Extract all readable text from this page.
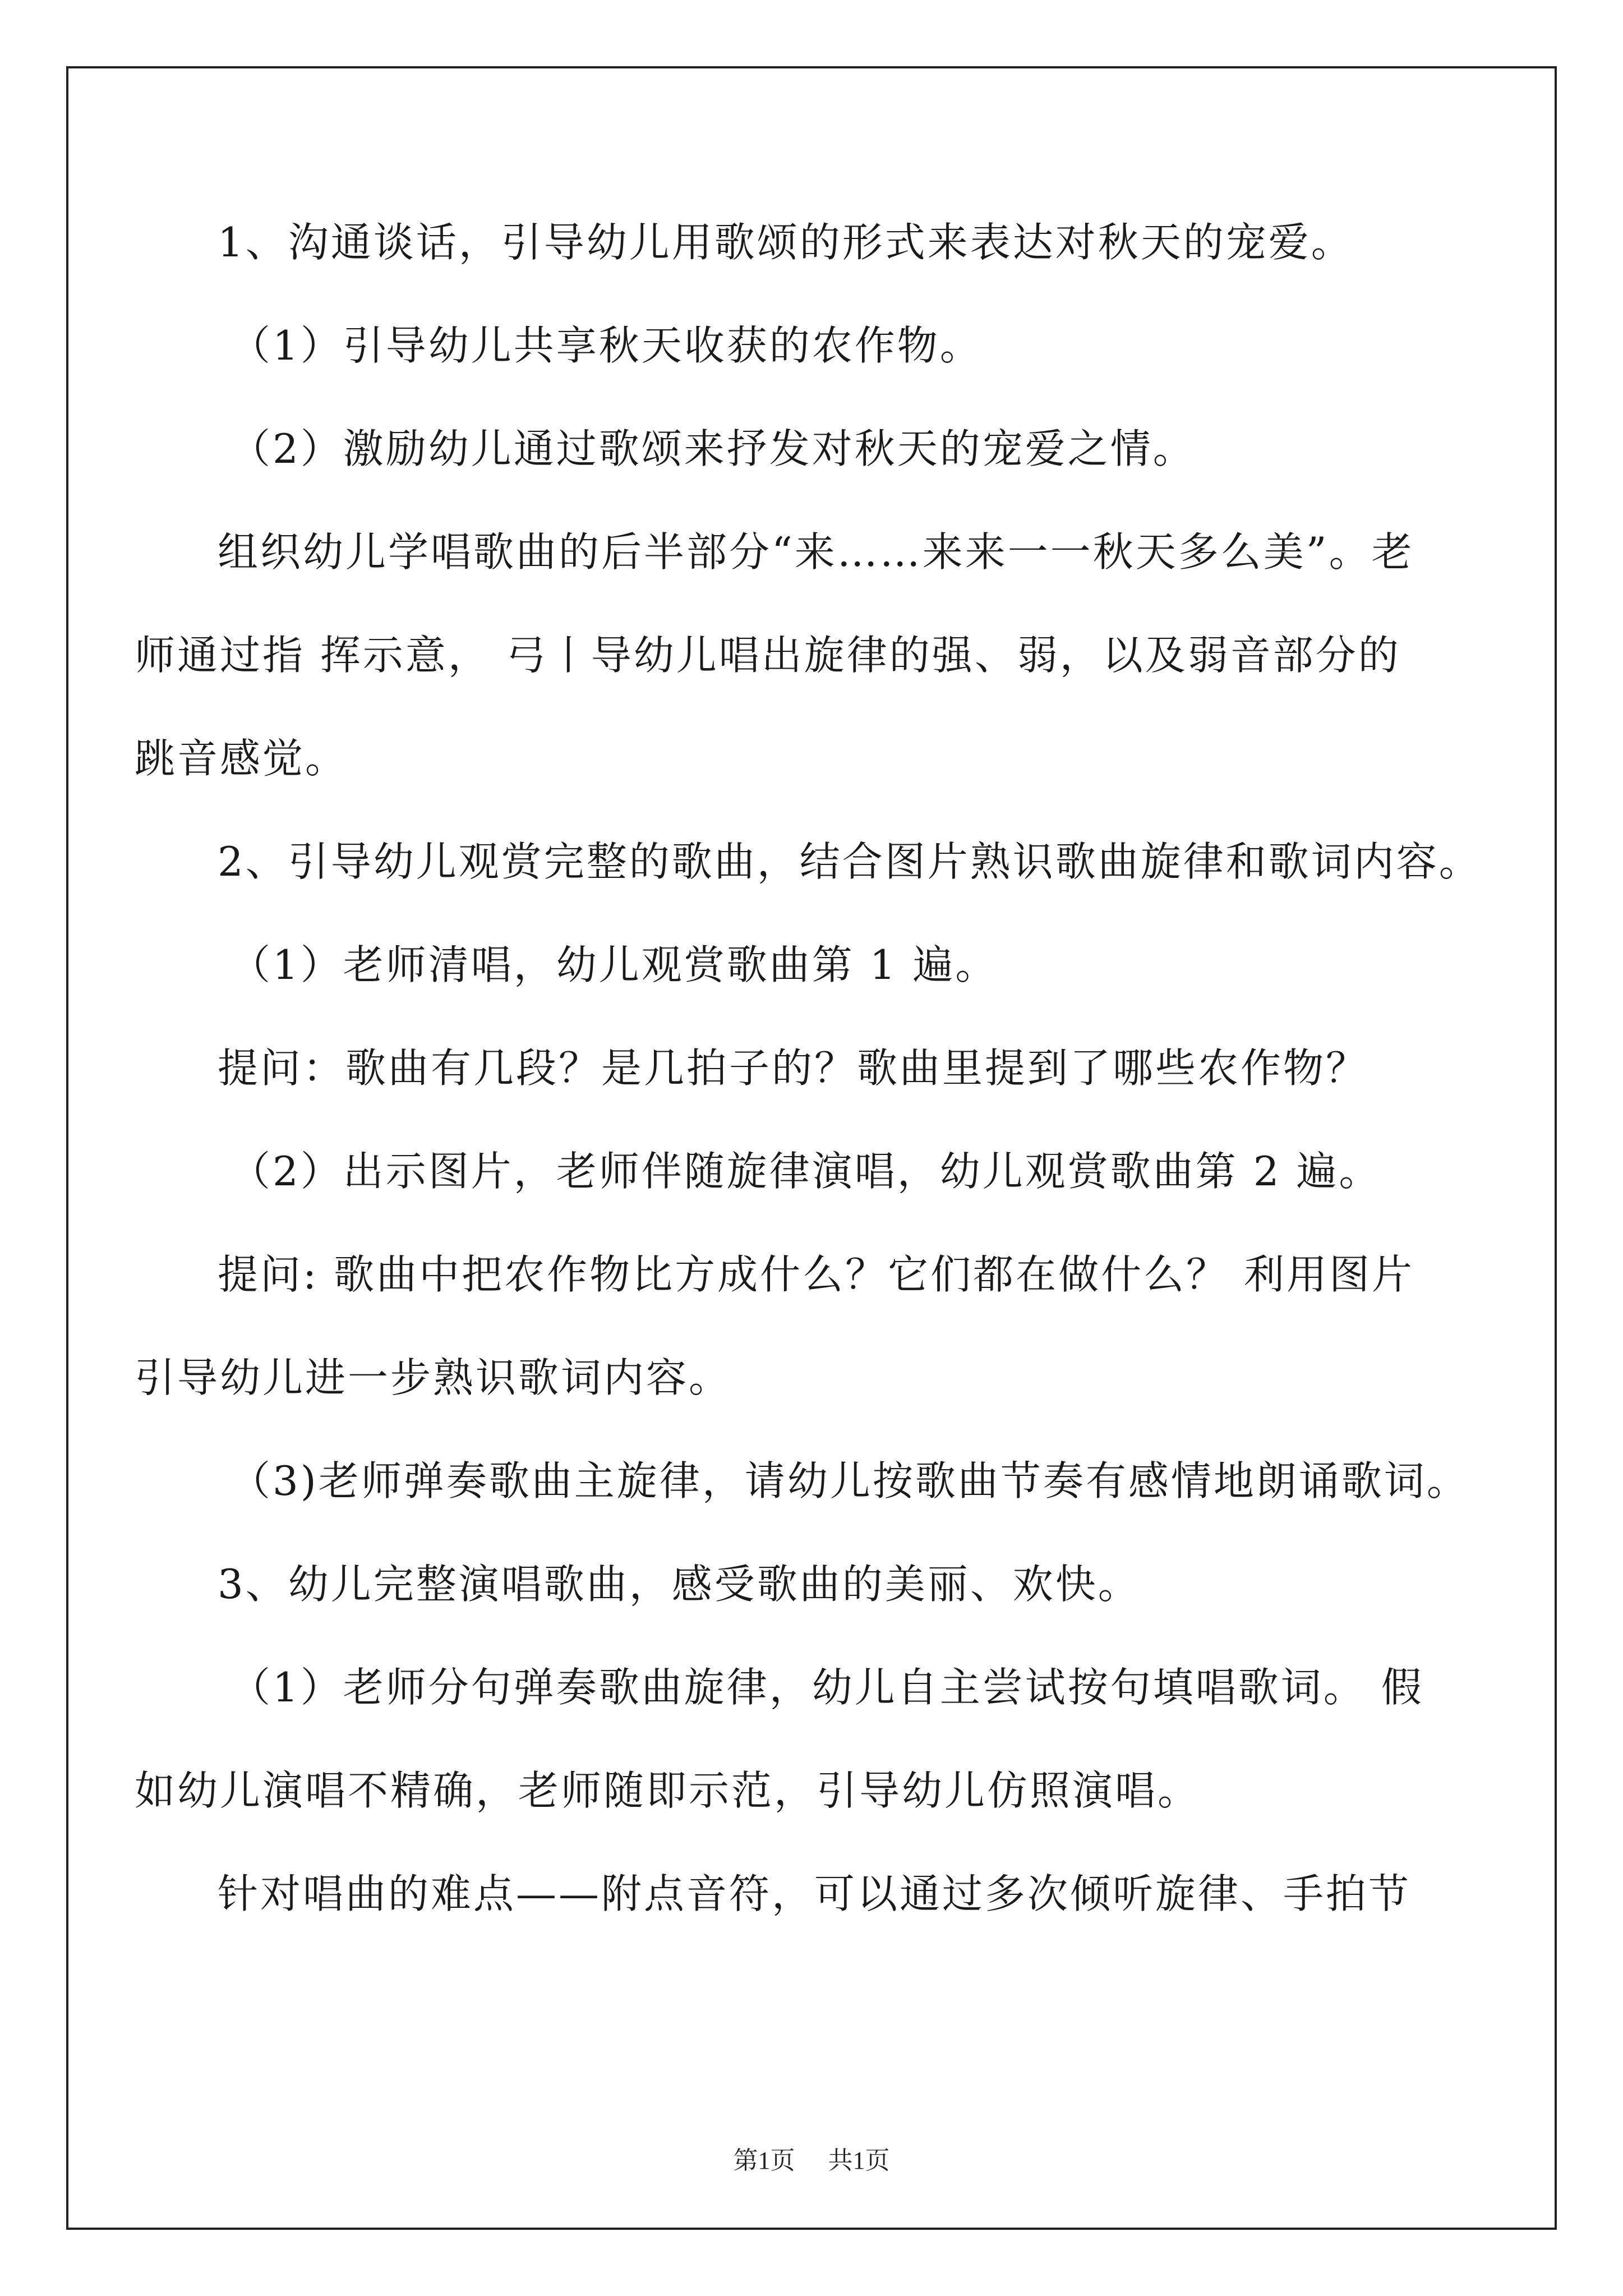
1、沟通谈话，引导幼儿用歌颂的形式来表达对秋天的宠爱。
（1）引导幼儿共享秋天收获的农作物。
（2）激励幼儿通过歌颂来抒发对秋天的宠爱之情。
组织幼儿学唱歌曲的后半部分“来……来来一一秋天多么美”。老
师通过指 挥示意， 弓丨导幼儿唱出旋律的强、弱，以及弱音部分的
跳音感觉。
2、引导幼儿观赏完整的歌曲，结合图片熟识歌曲旋律和歌词内容。
（1）老师清唱，幼儿观赏歌曲第 1 遍。
提问：歌曲有几段？是几拍子的？歌曲里提到了哪些农作物？
（2）出示图片，老师伴随旋律演唱，幼儿观赏歌曲第 2 遍。
提问: 歌曲中把农作物比方成什么？它们都在做什么？ 利用图片
引导幼儿进一步熟识歌词内容。
（3)老师弹奏歌曲主旋律，请幼儿按歌曲节奏有感情地朗诵歌词。
3、幼儿完整演唱歌曲，感受歌曲的美丽、欢快。
（1）老师分句弹奏歌曲旋律，幼儿自主尝试按句填唱歌词。 假
如幼儿演唱不精确，老师随即示范，引导幼儿仿照演唱。
针对唱曲的难点——附点音符，可以通过多次倾听旋律、手拍节
第1页 共1页
